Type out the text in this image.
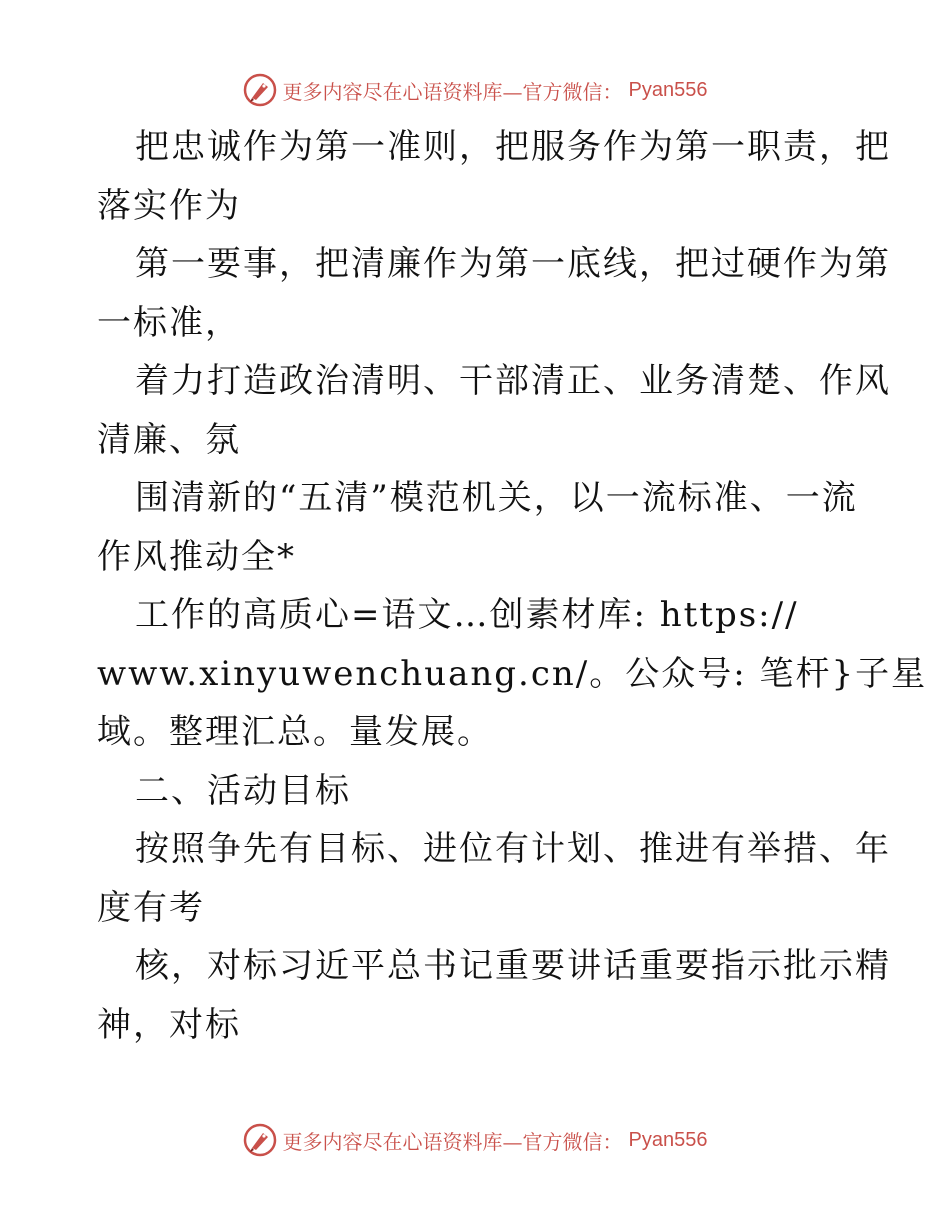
更多内容尽在心语资料库—官方微信： Pyan556
把忠诚作为第一准则，把服务作为第一职责，把
落实作为
第一要事，把清廉作为第一底线，把过硬作为第
一标准，
着力打造政治清明、干部清正、业务清楚、作风
清廉、氛
围清新的“五清”模范机关，以一流标准、一流
作风推动全*
工作的高质心=语文…创素材库: https://
www.xinyuwenchuang.cn/。公众号: 笔杆}子星
域。整理汇总。量发展。
二、活动目标
按照争先有目标、进位有计划、推进有举措、年
度有考
核，对标习近平总书记重要讲话重要指示批示精
神，对标
更多内容尽在心语资料库—官方微信： Pyan556
